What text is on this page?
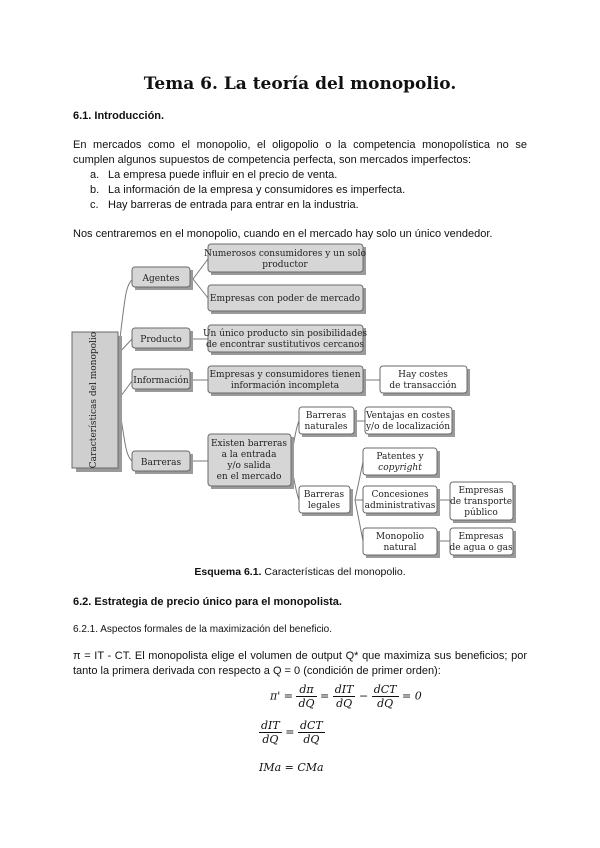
Tema 6. La teoría del monopolio.
6.1. Introducción.
En mercados como el monopolio, el oligopolio o la competencia monopolística no se cumplen algunos supuestos de competencia perfecta, son mercados imperfectos:
a. La empresa puede influir en el precio de venta.
b. La información de la empresa y consumidores es imperfecta.
c. Hay barreras de entrada para entrar en la industria.
Nos centraremos en el monopolio, cuando en el mercado hay solo un único vendedor.
Características del monopolio
Agentes
Producto
Información
Barreras
Numerosos consumidores y un solo
productor
Empresas con poder de mercado
Un único producto sin posibilidades
de encontrar sustitutivos cercanos
Empresas y consumidores tienen
información incompleta
Hay costes
de transacción
Existen barreras
a la entrada
y/o salida
en el mercado
Barreras
naturales
Ventajas en costes
y/o de localización
Barreras
legales
Patentes y
copyright
Concesiones
administrativas
Empresas
de transporte
público
Monopolio
natural
Empresas
de agua o gas
Esquema 6.1. Características del monopolio.
6.2. Estrategia de precio único para el monopolista.
6.2.1. Aspectos formales de la maximización del beneficio.
π = IT - CT. El monopolista elige el volumen de output Q* que maximiza sus beneficios; por tanto la primera derivada con respecto a Q = 0 (condición de primer orden):
$\pi' = \frac{d\pi}{dQ} = \frac{\text{dIT}}{dQ} - \frac{\text{dCT}}{dQ} = 0$
$\frac{\text{dIT}}{dQ} = \frac{\text{dCT}}{dQ}$
IMa = CMa
